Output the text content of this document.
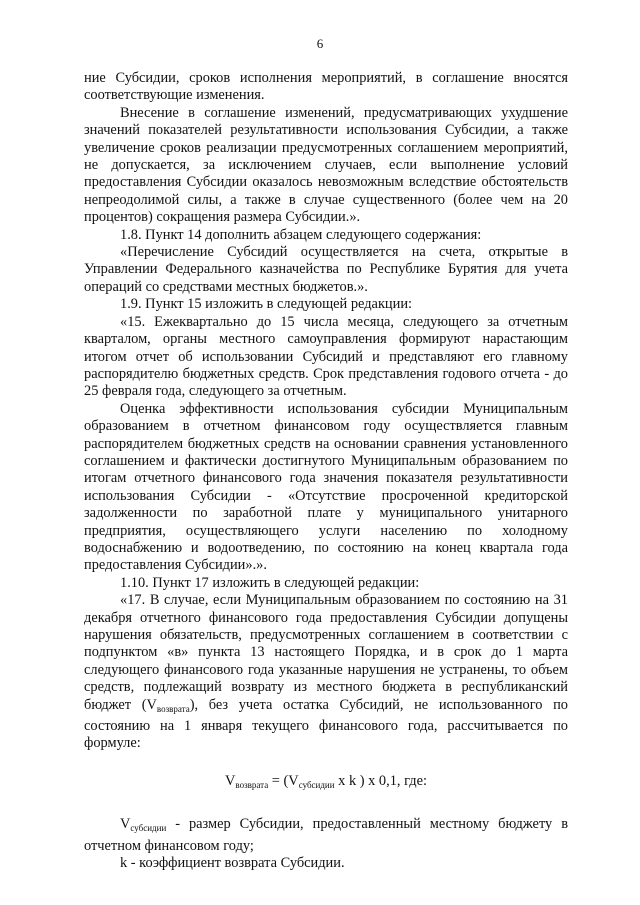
6

ние Субсидии, сроков исполнения мероприятий, в соглашение вносятся соответствующие изменения.

Внесение в соглашение изменений, предусматривающих ухудшение значений показателей результативности использования Субсидии, а также увеличение сроков реализации предусмотренных соглашением мероприятий, не допускается, за исключением случаев, если выполнение условий предоставления Субсидии оказалось невозможным вследствие обстоятельств непреодолимой силы, а также в случае существенного (более чем на 20 процентов) сокращения размера Субсидии.».

1.8. Пункт 14 дополнить абзацем следующего содержания:

«Перечисление Субсидий осуществляется на счета, открытые в Управлении Федерального казначейства по Республике Бурятия для учета операций со средствами местных бюджетов.».

1.9. Пункт 15 изложить в следующей редакции:

«15. Ежеквартально до 15 числа месяца, следующего за отчетным кварталом, органы местного самоуправления формируют нарастающим итогом отчет об использовании Субсидий и представляют его главному распорядителю бюджетных средств. Срок представления годового отчета - до 25 февраля года, следующего за отчетным.

Оценка эффективности использования субсидии Муниципальным образованием в отчетном финансовом году осуществляется главным распорядителем бюджетных средств на основании сравнения установленного соглашением и фактически достигнутого Муниципальным образованием по итогам отчетного финансового года значения показателя результативности использования Субсидии - «Отсутствие просроченной кредиторской задолженности по заработной плате у муниципального унитарного предприятия, осуществляющего услуги населению по холодному водоснабжению и водоотведению, по состоянию на конец квартала года предоставления Субсидии».».

1.10. Пункт 17 изложить в следующей редакции:

«17. В случае, если Муниципальным образованием по состоянию на 31 декабря отчетного финансового года предоставления Субсидии допущены нарушения обязательств, предусмотренных соглашением в соответствии с подпунктом «в» пункта 13 настоящего Порядка, и в срок до 1 марта следующего финансового года указанные нарушения не устранены, то объем средств, подлежащий возврату из местного бюджета в республиканский бюджет $(V_{возврата})$, без учета остатка Субсидий, не использованного по состоянию на 1 января текущего финансового года, рассчитывается по формуле:

$V_{возврата} = (V_{субсидии}$ x k ) x 0,1, где:

$V_{субсидии}$ - размер Субсидии, предоставленный местному бюджету в отчетном финансовом году;

k - коэффициент возврата Субсидии.
